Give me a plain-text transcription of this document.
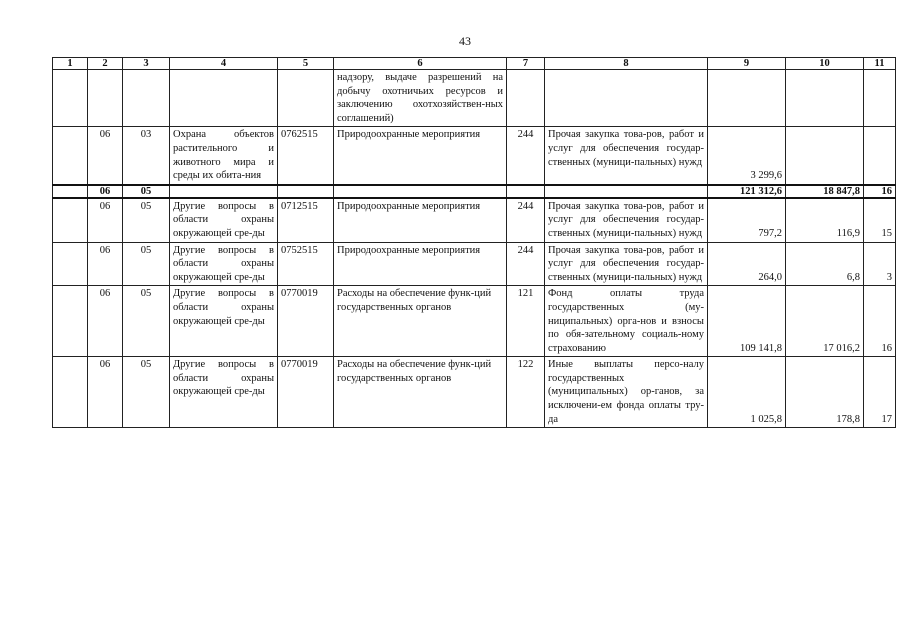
43
1	2	3	4	5	6	7	8	9	10	11
					надзору, выдаче разрешений на добычу охотничьих ресурсов и заключению охотхозяйствен-ных соглашений)					
	06	03	Охрана объектов растительного и животного мира и среды их обита-ния	0762515	Природоохранные мероприятия	244	Прочая закупка това-ров, работ и услуг для обеспечения государ-ственных (муници-пальных) нужд	3 299,6		
	06	05						121 312,6	18 847,8	16
	06	05	Другие вопросы в области охраны окружающей сре-ды	0712515	Природоохранные мероприятия	244	Прочая закупка това-ров, работ и услуг для обеспечения государ-ственных (муници-пальных) нужд	797,2	116,9	15
	06	05	Другие вопросы в области охраны окружающей сре-ды	0752515	Природоохранные мероприятия	244	Прочая закупка това-ров, работ и услуг для обеспечения государ-ственных (муници-пальных) нужд	264,0	6,8	3
	06	05	Другие вопросы в области охраны окружающей сре-ды	0770019	Расходы на обеспечение функ-ций государственных органов	121	Фонд оплаты труда государственных (му-ниципальных) орга-нов и взносы по обя-зательному социаль-ному страхованию	109 141,8	17 016,2	16
	06	05	Другие вопросы в области охраны окружающей сре-ды	0770019	Расходы на обеспечение функ-ций государственных органов	122	Иные выплаты персо-налу государственных (муниципальных) ор-ганов, за исключени-ем фонда оплаты тру-да	1 025,8	178,8	17
